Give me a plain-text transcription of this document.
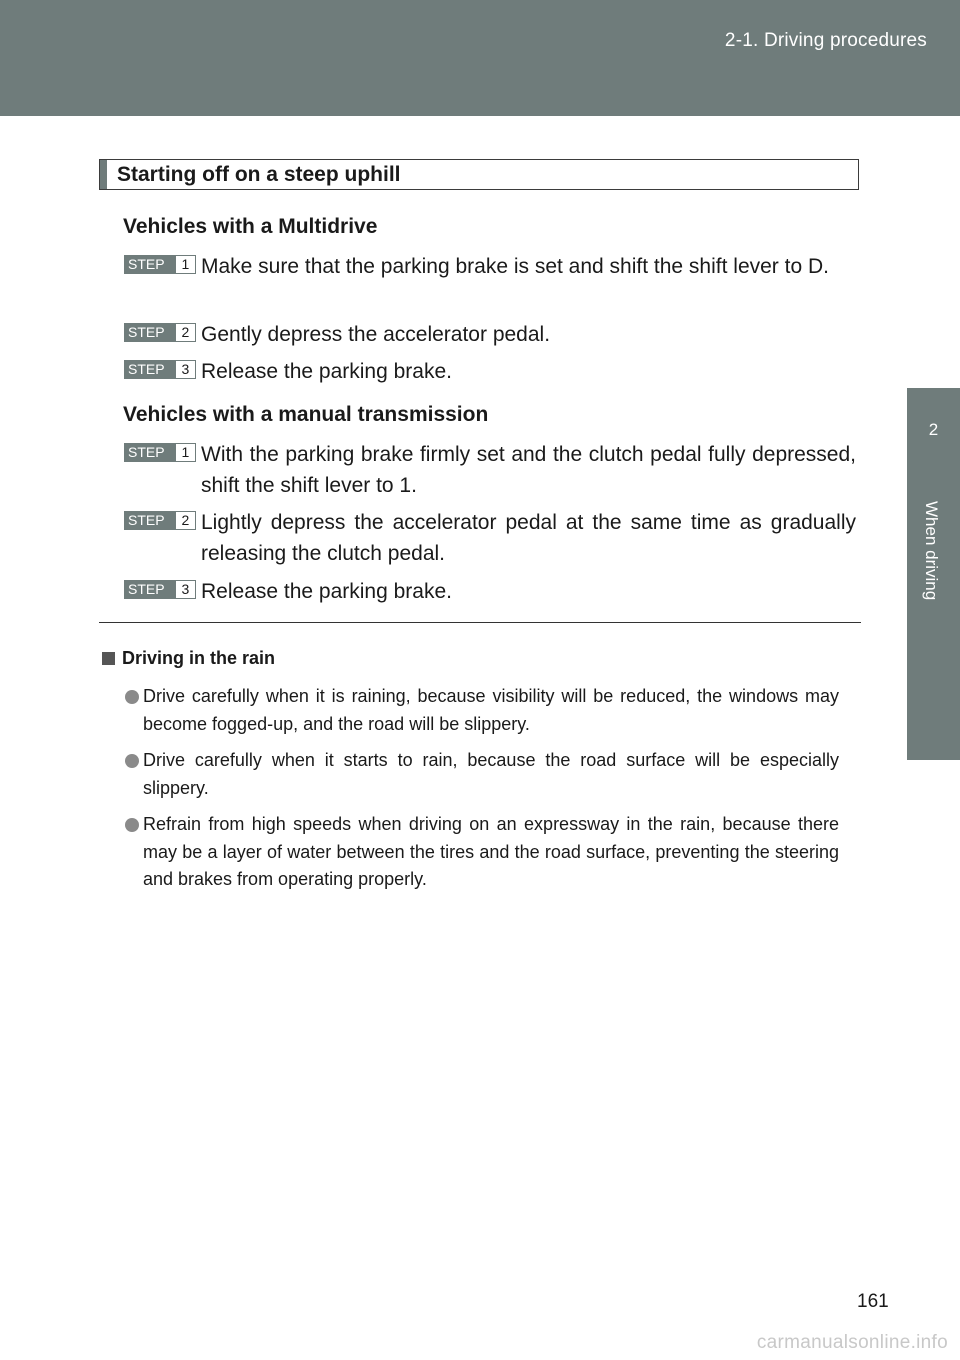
2-1. Driving procedures
2
When driving
Starting off on a steep uphill
Vehicles with a Multidrive
STEP	1 Make sure that the parking brake is set and shift the shift lever to D.
STEP	2 Gently depress the accelerator pedal.
STEP	3 Release the parking brake.
Vehicles with a manual transmission
STEP	1 With the parking brake firmly set and the clutch pedal fully depressed, shift the shift lever to 1.
STEP	2 Lightly depress the accelerator pedal at the same time as gradually releasing the clutch pedal.
STEP	3 Release the parking brake.
Driving in the rain
Drive carefully when it is raining, because visibility will be reduced, the windows may become fogged-up, and the road will be slippery.
Drive carefully when it starts to rain, because the road surface will be especially slippery.
Refrain from high speeds when driving on an expressway in the rain, because there may be a layer of water between the tires and the road surface, preventing the steering and brakes from operating properly.
161
carmanualsonline.info
